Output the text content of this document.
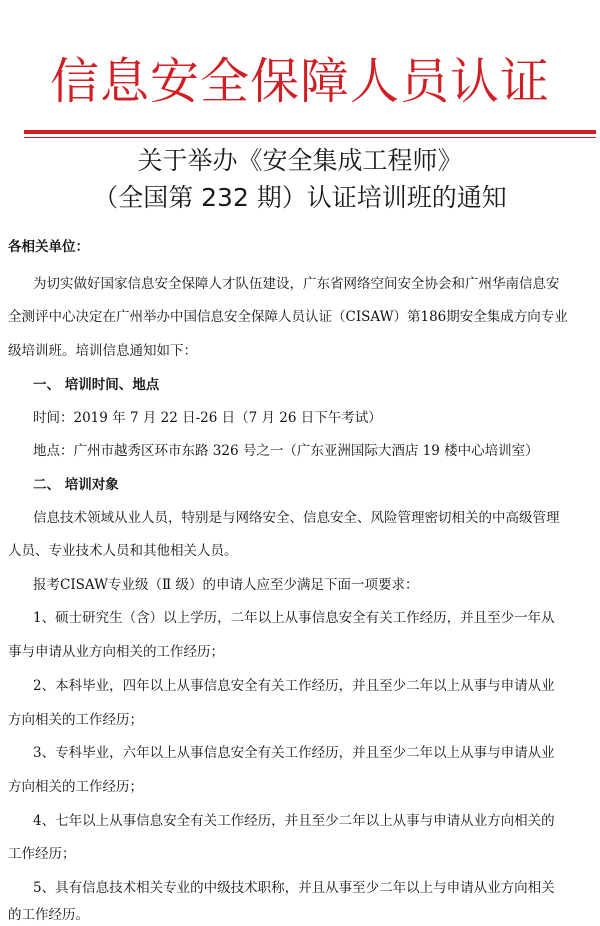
信息安全保障人员认证
关于举办《安全集成工程师》
（全国第 232 期）认证培训班的通知
各相关单位：
为切实做好国家信息安全保障人才队伍建设，广东省网络空间安全协会和广州华南信息安
全测评中心决定在广州举办中国信息安全保障人员认证（CISAW）第186期安全集成方向专业
级培训班。培训信息通知如下：
一、 培训时间、地点
时间：2019 年 7 月 22 日-26 日（7 月 26 日下午考试）
地点：广州市越秀区环市东路 326 号之一（广东亚洲国际大酒店 19 楼中心培训室）
二、 培训对象
信息技术领域从业人员，特别是与网络安全、信息安全、风险管理密切相关的中高级管理
人员、专业技术人员和其他相关人员。
报考CISAW专业级（Ⅱ 级）的申请人应至少满足下面一项要求：
1、硕士研究生（含）以上学历，二年以上从事信息安全有关工作经历，并且至少一年从
事与申请从业方向相关的工作经历；
2、本科毕业，四年以上从事信息安全有关工作经历，并且至少二年以上从事与申请从业
方向相关的工作经历；
3、专科毕业，六年以上从事信息安全有关工作经历，并且至少二年以上从事与申请从业
方向相关的工作经历；
4、七年以上从事信息安全有关工作经历，并且至少二年以上从事与申请从业方向相关的
工作经历；
5、具有信息技术相关专业的中级技术职称，并且从事至少二年以上与申请从业方向相关
的工作经历。
